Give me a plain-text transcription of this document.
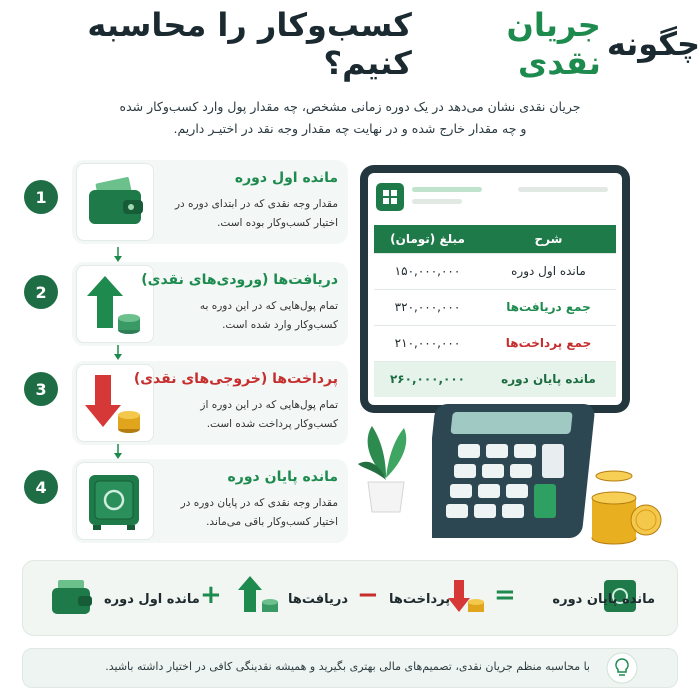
چگونه
جریان نقدی
کسب‌وکار را محاسبه کنیم؟
جریان نقدی نشان می‌دهد در یک دوره زمانی مشخص، چه مقدار پول وارد کسب‌وکار شده
و چه مقدار خارج شده و در نهایت چه مقدار وجه نقد در اختیـر داریم.
1
مانده اول دوره
مقدار وجه نقدی که در ابتدای دوره در اختیار کسب‌وکار بوده است.
2
دریافت‌ها (ورودی‌های نقدی)
تمام پول‌هایی که در این دوره به کسب‌وکار وارد شده است.
3
پرداخت‌ها (خروجی‌های نقدی)
تمام پول‌هایی که در این دوره از کسب‌وکار پرداخت شده است.
4
مانده پایان دوره
مقدار وجه نقدی که در پایان دوره در اختیار کسب‌وکار باقی می‌ماند.
شرح	مبلغ (تومان)
مانده اول دوره	۱۵۰,۰۰۰,۰۰۰
جمع دریافت‌ها	۳۲۰,۰۰۰,۰۰۰
جمع پرداخت‌ها	۲۱۰,۰۰۰,۰۰۰
مانده پایان دوره	۲۶۰,۰۰۰,۰۰۰
مانده پایان دوره
=
پرداخت‌ها
−
دریافت‌ها
+
مانده اول دوره
با محاسبه منظم جریان نقدی، تصمیم‌های مالی بهتری بگیرید و همیشه نقدینگی کافی در اختیار داشته باشید.
